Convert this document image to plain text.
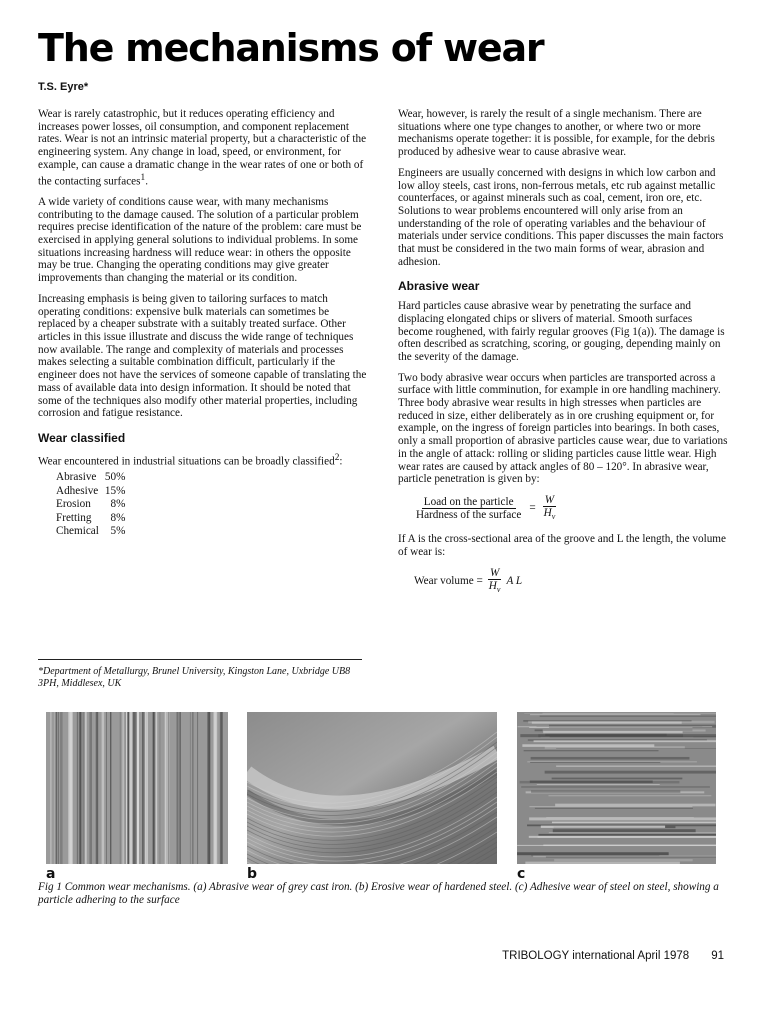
The mechanisms of wear
T.S. Eyre*

Wear is rarely catastrophic, but it reduces operating efficiency and increases power losses, oil consumption, and component replacement rates. Wear is not an intrinsic material property, but a characteristic of the engineering system. Any change in load, speed, or environment, for example, can cause a dramatic change in the wear rates of one or both of the contacting surfaces$^1$.

A wide variety of conditions cause wear, with many mechanisms contributing to the damage caused. The solution of a particular problem requires precise identification of the nature of the problem: care must be exercised in applying general solutions to individual problems. In some situations increasing hardness will reduce wear: in others the opposite may be true. Changing the operating conditions may give greater improvements than changing the material or its condition.

Increasing emphasis is being given to tailoring surfaces to match operating conditions: expensive bulk materials can sometimes be replaced by a cheaper substrate with a suitably treated surface. Other articles in this issue illustrate and discuss the wide range of techniques now available. The range and complexity of materials and processes makes selecting a suitable combination difficult, particularly if the engineer does not have the services of someone capable of translating the mass of available data into design information. It should be noted that some of the techniques also modify other material properties, including corrosion and fatigue resistance.

Wear classified

Wear encountered in industrial situations can be broadly classified$^2$:

Abrasive	50%
Adhesive	15%
Erosion	8%
Fretting	8%
Chemical	5%
*Department of Metallurgy, Brunel University, Kingston Lane, Uxbridge UB8 3PH, Middlesex, UK

Wear, however, is rarely the result of a single mechanism. There are situations where one type changes to another, or where two or more mechanisms operate together: it is possible, for example, for the debris produced by adhesive wear to cause abrasive wear.

Engineers are usually concerned with designs in which low carbon and low alloy steels, cast irons, non-ferrous metals, etc rub against metallic counterfaces, or against minerals such as coal, cement, iron ore, etc. Solutions to wear problems encountered will only arise from an understanding of the role of operating variables and the behaviour of materials under service conditions. This paper discusses the main factors that must be considered in the two main forms of wear, abrasion and adhesion.

Abrasive wear

Hard particles cause abrasive wear by penetrating the surface and displacing elongated chips or slivers of material. Smooth surfaces become roughened, with fairly regular grooves (Fig 1(a)). The damage is often described as scratching, scoring, or gouging, depending mainly on the severity of the damage.

Two body abrasive wear occurs when particles are transported across a surface with little comminution, for example in ore handling machinery. Three body abrasive wear results in high stresses when particles are reduced in size, either deliberately as in ore crushing equipment or, for example, on the ingress of foreign particles into bearings. In both cases, only a small proportion of abrasive particles cause wear, due to variations in the angle of attack: rolling or sliding particles cause little wear. High wear rates are caused by attack angles of 80 – 120°. In abrasive wear, particle penetration is given by:

$\frac{\text{Load on the particle}}{\text{Hardness of the surface}} = \frac{W}{H_v}$

If A is the cross-sectional area of the groove and L the length, the volume of wear is:

Wear volume = $\frac{W}{H_v}$ A L
a	b	c
Fig 1 Common wear mechanisms. (a) Abrasive wear of grey cast iron. (b) Erosive wear of hardened steel. (c) Adhesive wear of steel on steel, showing a particle adhering to the surface
TRIBOLOGY international April 1978 91
